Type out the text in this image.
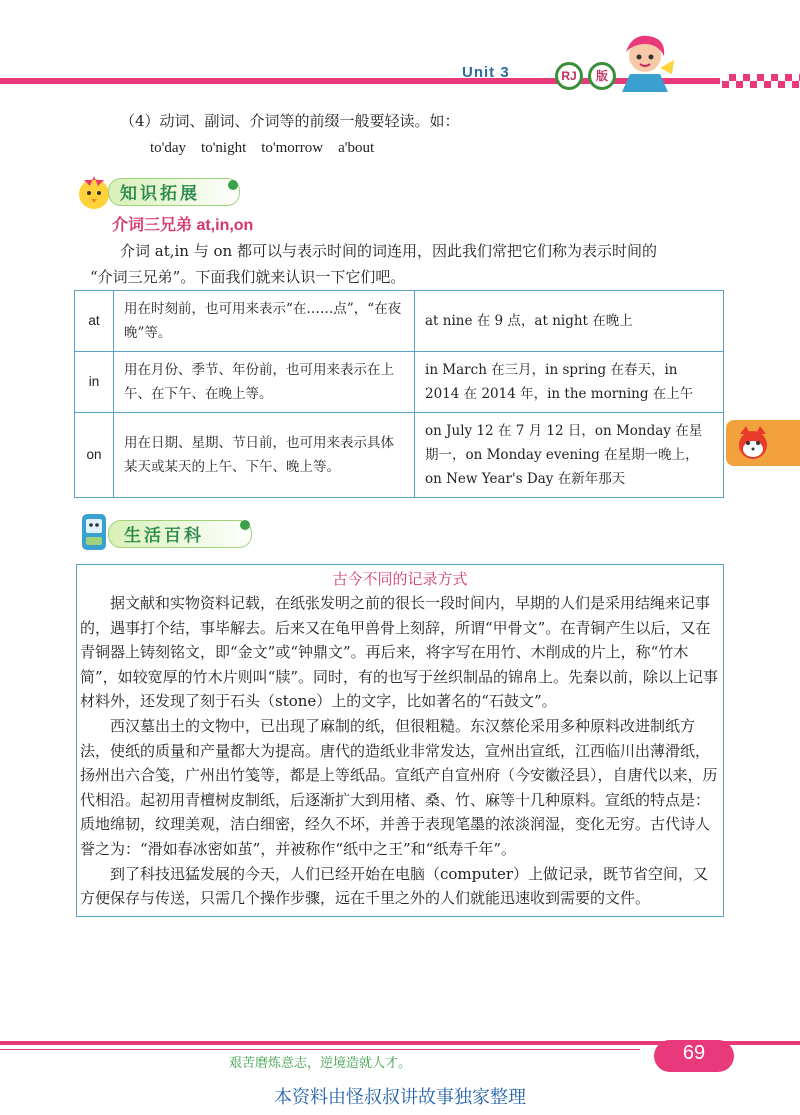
Unit 3	RJ	版
（4）动词、副词、介词等的前缀一般要轻读。如：
to'day    to'night    to'morrow    a'bout
知识拓展
介词三兄弟 at,in,on
介词 at,in 与 on 都可以与表示时间的词连用，因此我们常把它们称为表示时间的
“介词三兄弟”。下面我们就来认识一下它们吧。
at	用在时刻前，也可用来表示“在……点”，“在夜晚”等。	at nine 在 9 点，at night 在晚上
in	用在月份、季节、年份前，也可用来表示在上午、在下午、在晚上等。	in March 在三月，in spring 在春天，in 2014 在 2014 年，in the morning 在上午
on	用在日期、星期、节日前，也可用来表示具体某天或某天的上午、下午、晚上等。	on July 12 在 7 月 12 日，on Monday 在星期一，on Monday evening 在星期一晚上，on New Year's Day 在新年那天
生活百科
古今不同的记录方式

据文献和实物资料记载，在纸张发明之前的很长一段时间内，早期的人们是采用结绳来记事的，遇事打个结，事毕解去。后来又在龟甲兽骨上刻辞，所谓“甲骨文”。在青铜产生以后，又在青铜器上铸刻铭文，即“金文”或“钟鼎文”。再后来，将字写在用竹、木削成的片上，称“竹木简”，如较宽厚的竹木片则叫“牍”。同时，有的也写于丝织制品的锦帛上。先秦以前，除以上记事材料外，还发现了刻于石头（stone）上的文字，比如著名的“石鼓文”。

西汉墓出土的文物中，已出现了麻制的纸，但很粗糙。东汉蔡伦采用多种原料改进制纸方法，使纸的质量和产量都大为提高。唐代的造纸业非常发达，宣州出宣纸，江西临川出薄滑纸，扬州出六合笺，广州出竹笺等，都是上等纸品。宣纸产自宣州府（今安徽泾县），自唐代以来，历代相沿。起初用青檀树皮制纸，后逐渐扩大到用楮、桑、竹、麻等十几种原料。宣纸的特点是：质地绵韧，纹理美观，洁白细密，经久不坏，并善于表现笔墨的浓淡润湿，变化无穷。古代诗人誉之为：“滑如春冰密如茧”，并被称作“纸中之王”和“纸寿千年”。

到了科技迅猛发展的今天，人们已经开始在电脑（computer）上做记录，既节省空间，又方便保存与传送，只需几个操作步骤，远在千里之外的人们就能迅速收到需要的文件。

艰苦磨炼意志，逆境造就人才。	69
本资料由怪叔叔讲故事独家整理
